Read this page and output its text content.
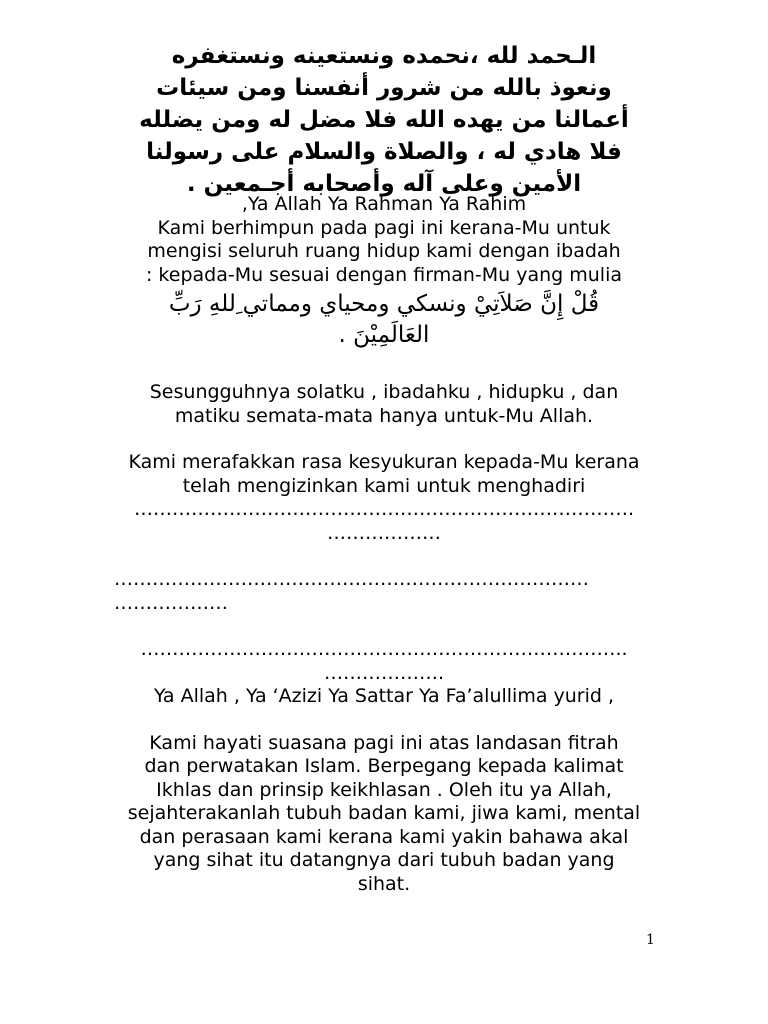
الـحمد لله ،نحمده ونستعينه ونستغفره
ونعوذ بالله من شرور أنفسنا ومن سيئات
أعمالنا من يهده الله فلا مضل له ومن يضلله
فلا هادي له ، والصلاة والسلام على رسولنا
الأمين وعلى آله وأصحابه أجـمعين .
,Ya Allah Ya Rahman Ya Rahim
Kami berhimpun pada pagi ini kerana-Mu untuk
mengisi seluruh ruang hidup kami dengan ibadah
: kepada-Mu sesuai dengan firman-Mu yang mulia
قُلْ إِنَّ صَلاَتِيْ ونسكي ومحياي ومماتي ِللهِ رَبِّ
العَالَمِيْنَ .
Sesungguhnya solatku , ibadahku , hidupku , dan
matiku semata-mata hanya untuk-Mu Allah.
Kami merafakkan rasa kesyukuran kepada-Mu kerana
telah mengizinkan kami untuk menghadiri
…………………………………………………………………….
………………
…………………………………………………………………
………………
…………………………………………………………………..
……………….
Ya Allah , Ya ‘Azizi Ya Sattar Ya Fa’alullima yurid ,
Kami hayati suasana pagi ini atas landasan fitrah
dan perwatakan Islam. Berpegang kepada kalimat
Ikhlas dan prinsip keikhlasan . Oleh itu ya Allah,
sejahterakanlah tubuh badan kami, jiwa kami, mental
dan perasaan kami kerana kami yakin bahawa akal
yang sihat itu datangnya dari tubuh badan yang
sihat.
1
